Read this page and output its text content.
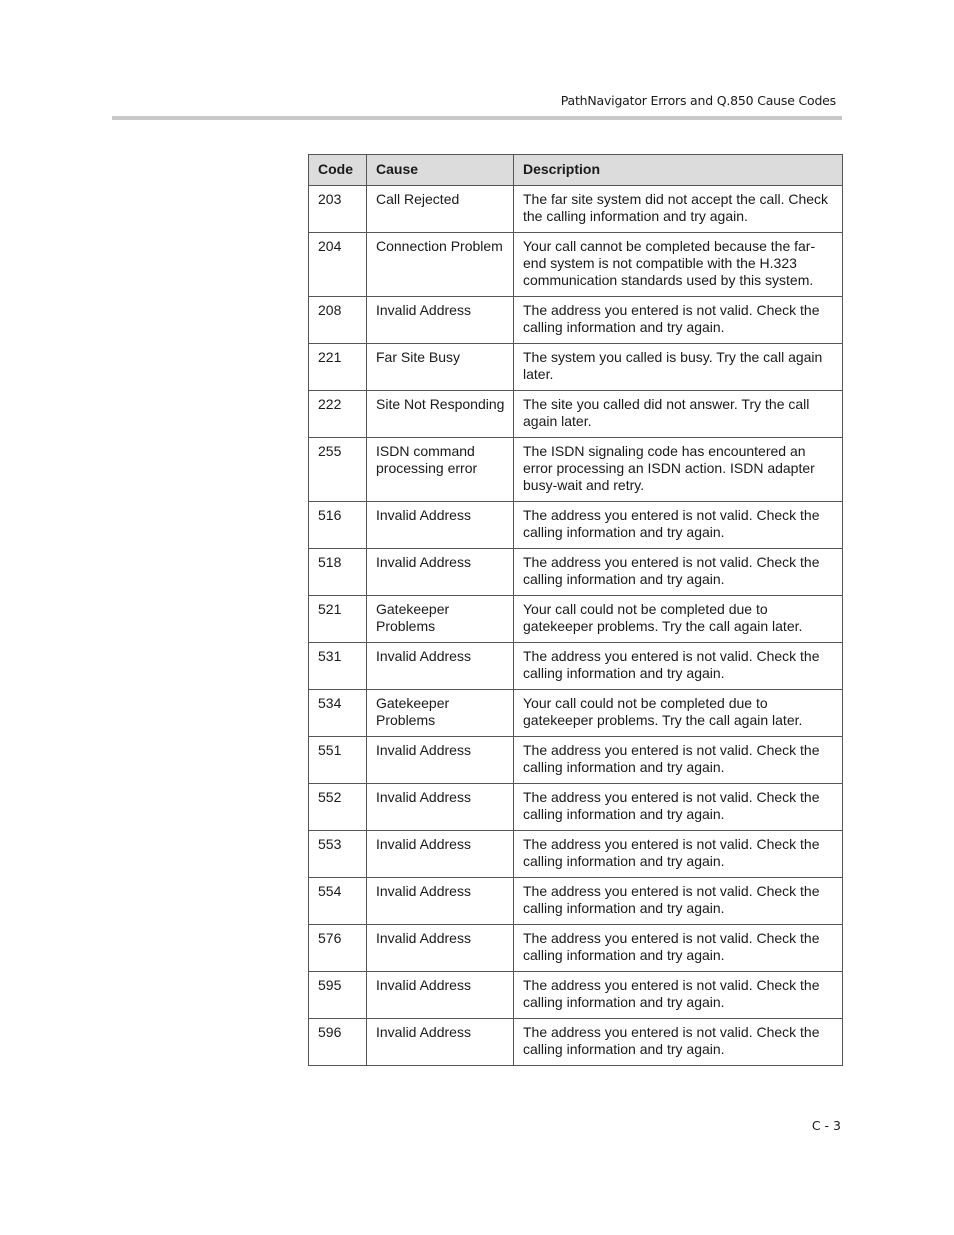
PathNavigator Errors and Q.850 Cause Codes
Code	Cause	Description
203	Call Rejected	The far site system did not accept the call. Check the calling information and try again.
204	Connection Problem	Your call cannot be completed because the far-end system is not compatible with the H.323 communication standards used by this system.
208	Invalid Address	The address you entered is not valid. Check the calling information and try again.
221	Far Site Busy	The system you called is busy. Try the call again later.
222	Site Not Responding	The site you called did not answer. Try the call again later.
255	ISDN command processing error	The ISDN signaling code has encountered an error processing an ISDN action. ISDN adapter busy-wait and retry.
516	Invalid Address	The address you entered is not valid. Check the calling information and try again.
518	Invalid Address	The address you entered is not valid. Check the calling information and try again.
521	Gatekeeper Problems	Your call could not be completed due to gatekeeper problems. Try the call again later.
531	Invalid Address	The address you entered is not valid. Check the calling information and try again.
534	Gatekeeper Problems	Your call could not be completed due to gatekeeper problems. Try the call again later.
551	Invalid Address	The address you entered is not valid. Check the calling information and try again.
552	Invalid Address	The address you entered is not valid. Check the calling information and try again.
553	Invalid Address	The address you entered is not valid. Check the calling information and try again.
554	Invalid Address	The address you entered is not valid. Check the calling information and try again.
576	Invalid Address	The address you entered is not valid. Check the calling information and try again.
595	Invalid Address	The address you entered is not valid. Check the calling information and try again.
596	Invalid Address	The address you entered is not valid. Check the calling information and try again.
C - 3
